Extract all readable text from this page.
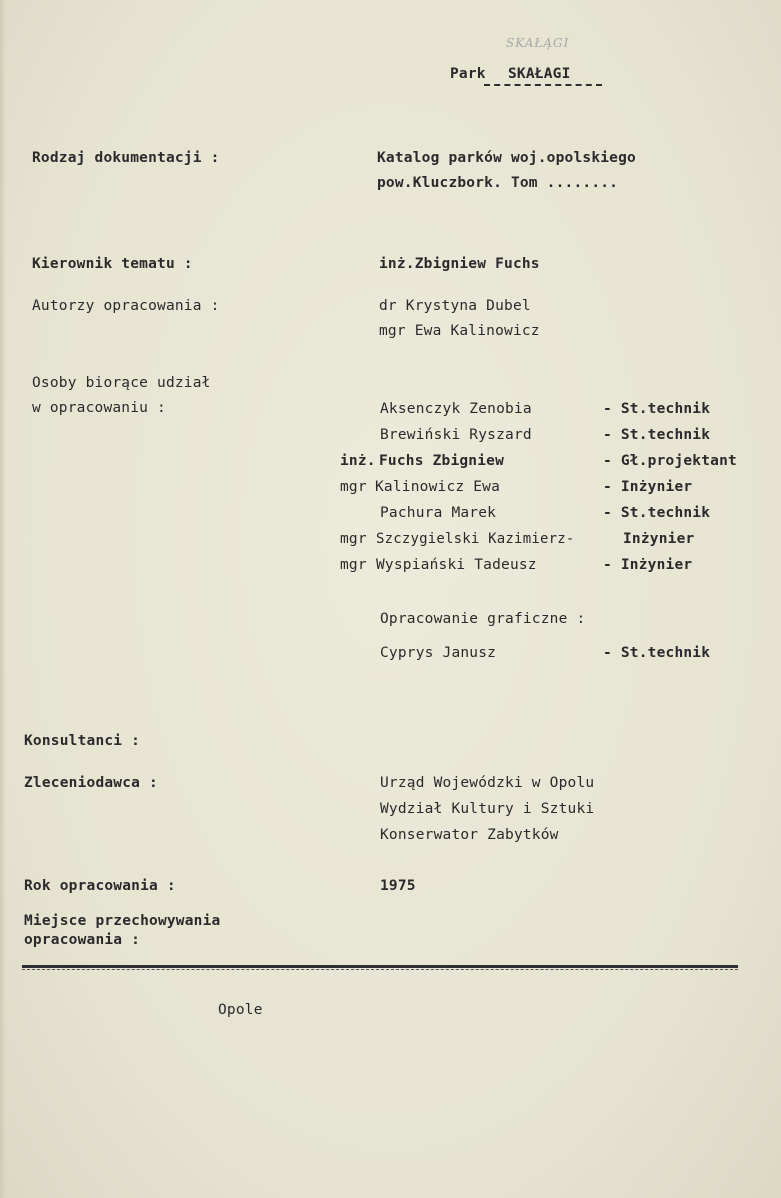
SKAŁĄGI
Park SKAŁAGI
Rodzaj dokumentacji :	Katalog parków woj.opolskiego
pow.Kluczbork. Tom ........
Kierownik tematu :	inż.Zbigniew Fuchs
Autorzy opracowania :	dr Krystyna Dubel
mgr Ewa Kalinowicz
Osoby biorące udział
w opracowaniu :	Aksenczyk Zenobia	- St.technik
Brewiński Ryszard	- St.technik
inż. Fuchs Zbigniew	- Gł.projektant
mgr Kalinowicz Ewa	- Inżynier
Pachura Marek	- St.technik
mgr Szczygielski Kazimierz-	Inżynier
mgr Wyspiański Tadeusz	- Inżynier
Opracowanie graficzne :
Cyprys Janusz	- St.technik
Konsultanci :
Zleceniodawca :	Urząd Wojewódzki w Opolu
Wydział Kultury i Sztuki
Konserwator Zabytków
Rok opracowania :	1975
Miejsce przechowywania
opracowania :
Opole
